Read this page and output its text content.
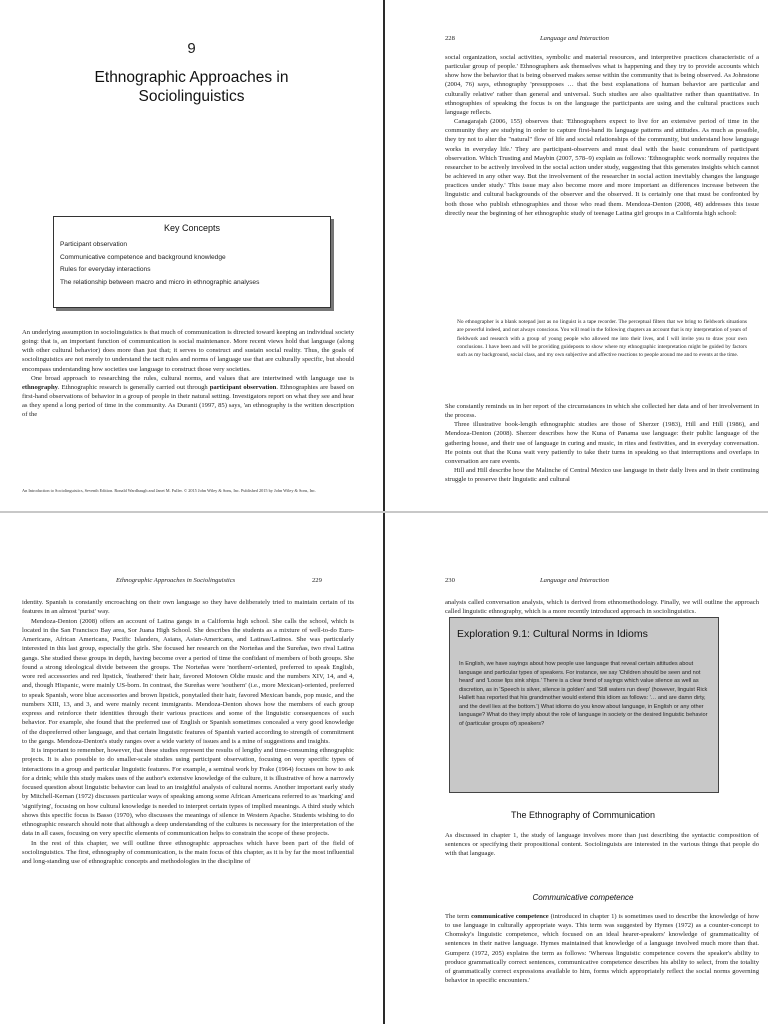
9
Ethnographic Approaches in Sociolinguistics
Key Concepts
Participant observation
Communicative competence and background knowledge
Rules for everyday interactions
The relationship between macro and micro in ethnographic analyses

An underlying assumption in sociolinguistics is that much of communication is directed toward keeping an individual society going: that is, an important function of communication is social maintenance. More recent views hold that language (along with other cultural behavior) does more than just that; it serves to construct and sustain social reality. Thus, the goals of sociolinguistics are not merely to understand the tacit rules and norms of language use that are culturally specific, but should encompass understanding how societies use language to construct those very societies.

One broad approach to researching the rules, cultural norms, and values that are intertwined with language use is ethnography. Ethnographic research is generally carried out through participant observation. Ethnographies are based on first-hand observations of behavior in a group of people in their natural setting. Investigators report on what they see and hear as they spend a long period of time in the community. As Duranti (1997, 85) says, 'an ethnography is the written description of the

An Introduction to Sociolinguistics, Seventh Edition. Ronald Wardhaugh and Janet M. Fuller. © 2015 John Wiley & Sons, Inc. Published 2015 by John Wiley & Sons, Inc.
228	Language and Interaction

social organization, social activities, symbolic and material resources, and interpretive practices characteristic of a particular group of people.' Ethnographers ask themselves what is happening and they try to provide accounts which show how the behavior that is being observed makes sense within the community that is being observed. As Johnstone (2004, 76) says, ethnography 'presupposes … that the best explanations of human behavior are particular and culturally relative' rather than general and universal. Such studies are also qualitative rather than quantitative. In ethnographies of speaking the focus is on the language the participants are using and the cultural practices such language reflects.

Canagarajah (2006, 155) observes that: 'Ethnographers expect to live for an extensive period of time in the community they are studying in order to capture first-hand its language patterns and attitudes. As much as possible, they try not to alter the "natural" flow of life and social relationships of the community, but understand how language works in everyday life.' They are participant-observers and must deal with the basic conundrum of participant observation. Which Trusting and Maybin (2007, 578–9) explain as follows: 'Ethnographic work normally requires the researcher to be actively involved in the social action under study, suggesting that this generates insights which cannot be achieved in any other way. But the involvement of the researcher in social action inevitably changes the language practices under study.' This issue may also become more and more important as differences increase between the linguistic and cultural backgrounds of the observer and the observed. It is certainly one that must be confronted by both those who publish ethnographies and those who read them. Mendoza-Denton (2008, 48) addresses this issue directly near the beginning of her ethnographic study of teenage Latina girl groups in a California high school:

No ethnographer is a blank notepad just as no linguist is a tape recorder. The perceptual filters that we bring to fieldwork situations are powerful indeed, and not always conscious. You will read in the following chapters an account that is my interpretation of years of fieldwork and research with a group of young people who allowed me into their lives, and I will invite you to draw your own conclusions. I have been and will be providing guideposts to show where my ethnographic interpretation might be guided by factors such as my background, social class, and my own subjective and affective reactions to people around me and to events at the time.

She constantly reminds us in her report of the circumstances in which she collected her data and of her involvement in the process.

Three illustrative book-length ethnographic studies are those of Sherzer (1983), Hill and Hill (1986), and Mendoza-Denton (2008). Sherzer describes how the Kuna of Panama use language: their public language of the gathering house, and their use of language in curing and music, in rites and festivities, and in everyday conversation. He points out that the Kuna wait very patiently to take their turns in speaking so that interruptions and overlaps in conversation are rare events.

Hill and Hill describe how the Malinche of Central Mexico use language in their daily lives and in their continuing struggle to preserve their linguistic and cultural

Ethnographic Approaches in Sociolinguistics	229

identity. Spanish is constantly encroaching on their own language so they have deliberately tried to maintain certain of its features in an almost 'purist' way.

Mendoza-Denton (2008) offers an account of Latina gangs in a California high school. She calls the school, which is located in the San Francisco Bay area, Sor Juana High School. She describes the students as a mixture of well-to-do Euro-Americans, African Americans, Pacific Islanders, Asians, Asian-Americans, and Latinas/Latinos. She was particularly interested in this last group, especially the girls. She focused her research on the Norteñas and the Sureñas, two rival Latina gangs. She studied these groups in depth, having become over a period of time the confidant of members of both groups. She found a strong ideological divide between the groups. The Norteñas were 'northern'-oriented, preferred to speak English, wore red accessories and red lipstick, 'feathered' their hair, favored Motown Oldie music and the numbers XIV, 14, and 4, and, though Hispanic, were mainly US-born. In contrast, the Sureñas were 'southern' (i.e., more Mexican)-oriented, preferred to speak Spanish, wore blue accessories and brown lipstick, ponytailed their hair, favored Mexican bands, pop music, and the numbers XIII, 13, and 3, and were mainly recent immigrants. Mendoza-Denton shows how the members of each group express and reinforce their identities through their various practices and some of the linguistic consequences of such behavior. For example, she found that the preferred use of English or Spanish sometimes concealed a very good knowledge of the dispreferred other language, and that certain linguistic features of Spanish varied according to strength of commitment to the gangs. Mendoza-Denton's study ranges over a wide variety of issues and is a mine of suggestions and insights.

It is important to remember, however, that these studies represent the results of lengthy and time-consuming ethnographic projects. It is also possible to do smaller-scale studies using participant observation, focusing on very specific types of interactions in a group and particular linguistic features. For example, a seminal work by Frake (1964) focuses on how to ask for a drink; while this study makes uses of the author's extensive knowledge of the culture, it is illustrative of how a narrowly focused question about linguistic behavior can lead to an insightful analysis of cultural norms. Another important early study by Mitchell-Kernan (1972) discusses particular ways of speaking among some African Americans referred to as 'marking' and 'signifying', focusing on how cultural knowledge is needed to interpret certain types of implied meanings. A third study which shows this specific focus is Basso (1970), who discusses the meanings of silence in Western Apache. Students wishing to do ethnographic research should note that although a deep understanding of the cultures is necessary for the interpretation of the data in all cases, focusing on very specific elements of communication helps to constrain the scope of these projects.

In the rest of this chapter, we will outline three ethnographic approaches which have been part of the field of sociolinguistics. The first, ethnography of communication, is the main focus of this chapter, as it is by far the most influential and long-standing use of ethnographic concepts and methodologies in the discipline of

230	Language and Interaction

analysis called conversation analysis, which is derived from ethnomethodology. Finally, we will outline the approach called linguistic ethnography, which is a more recently introduced approach in sociolinguistics.

Exploration 9.1: Cultural Norms in Idioms
In English, we have sayings about how people use language that reveal certain attitudes about language and particular types of speakers. For instance, we say 'Children should be seen and not heard' and 'Loose lips sink ships.' There is a clear trend of sayings which value silence as well as discretion, as in 'Speech is silver, silence is golden' and 'Still waters run deep' (however, linguist Rick Hallett has reported that his grandmother would extend this idiom as follows: '… and are damn dirty, and the devil lies at the bottom.') What idioms do you know about language, in English or any other language? What do they imply about the role of language in society or the desired linguistic behavior of (particular groups of) speakers?
The Ethnography of Communication

As discussed in chapter 1, the study of language involves more than just describing the syntactic composition of sentences or specifying their propositional content. Sociolinguists are interested in the various things that people do with that language.

Communicative competence

The term communicative competence (introduced in chapter 1) is sometimes used to describe the knowledge of how to use language in culturally appropriate ways. This term was suggested by Hymes (1972) as a counter-concept to Chomsky's linguistic competence, which focused on an ideal hearer-speakers' knowledge of grammaticality of sentences in their native language. Hymes maintained that knowledge of a language involved much more than that. Gumperz (1972, 205) explains the term as follows: 'Whereas linguistic competence covers the speaker's ability to produce grammatically correct sentences, communicative competence describes his ability to select, from the totality of grammatically correct expressions available to him, forms which appropriately reflect the social norms governing behavior in specific encounters.'
